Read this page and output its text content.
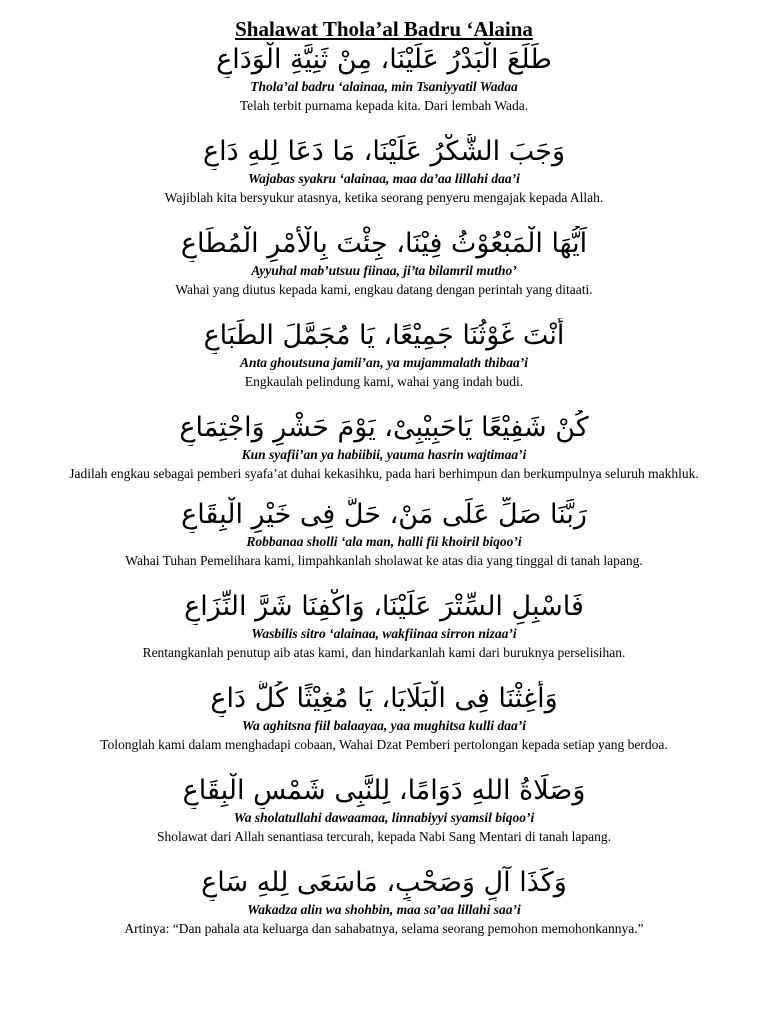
Shalawat Thola’al Badru ‘Alaina

طَلَعَ الْبَدْرُ عَلَيْنَا، مِنْ ثَنِيَّةِ الْوَدَاعِ

Thola’al badru ‘alainaa, min Tsaniyyatil Wadaa

Telah terbit purnama kepada kita. Dari lembah Wada.

وَجَبَ الشُّكْرُ عَلَيْنَا، مَا دَعَا لِلهِ دَاعِ

Wajabas syakru ‘alainaa, maa da’aa lillahi daa’i

Wajiblah kita bersyukur atasnya, ketika seorang penyeru mengajak kepada Allah.

اَيُّهَا الْمَبْعُوْثُ فِيْنَا، جِئْتَ بِالْأَمْرِ الْمُطَاعِ

Ayyuhal mab’utsuu fiinaa, ji’ta bilamril mutho’

Wahai yang diutus kepada kami, engkau datang dengan perintah yang ditaati.

أَنْتَ غَوْثُنَا جَمِيْعًا، يَا مُجَمَّلَ الطِّبَاعِ

Anta ghoutsuna jamii’an, ya mujammalath thibaa’i

Engkaulah pelindung kami, wahai yang indah budi.

كُنْ شَفِيْعًا يَاحَبِيْبِىْ، يَوْمَ حَشْرٍ وَاجْتِمَاعِ

Kun syafii’an ya habiibii, yauma hasrin wajtimaa’i

Jadilah engkau sebagai pemberi syafa’at duhai kekasihku, pada hari berhimpun dan berkumpulnya seluruh makhluk.

رَبَّنَا صَلِّ عَلَى مَنْ، حَلَّ فِى خَيْرِ الْبِقَاعِ

Robbanaa sholli ‘ala man, halli fii khoiril biqoo’i

Wahai Tuhan Pemelihara kami, limpahkanlah sholawat ke atas dia yang tinggal di tanah lapang.

فَاسْبِلِ السِّتْرَ عَلَيْنَا، وَاكْفِنَا شَرَّ النِّزَاعِ

Wasbilis sitro ‘alainaa, wakfiinaa sirron nizaa’i

Rentangkanlah penutup aib atas kami, dan hindarkanlah kami dari buruknya perselisihan.

وَأَغِثْنَا فِى الْبَلَايَا، يَا مُغِيْثًا كُلَّ دَاعِ

Wa aghitsna fiil balaayaa, yaa mughitsa kulli daa’i

Tolonglah kami dalam menghadapi cobaan, Wahai Dzat Pemberi pertolongan kepada setiap yang berdoa.

وَصَلَاةُ اللهِ دَوَامًا، لِلنَّبِى شَمْسِ الْبِقَاعِ

Wa sholatullahi dawaamaa, linnabiyyi syamsil biqoo’i

Sholawat dari Allah senantiasa tercurah, kepada Nabi Sang Mentari di tanah lapang.

وَكَذَا آلٍ وَصَحْبٍ، مَاسَعَى لِلهِ سَاعِ

Wakadza alin wa shohbin, maa sa’aa lillahi saa’i

Artinya: “Dan pahala ata keluarga dan sahabatnya, selama seorang pemohon memohonkannya.”
